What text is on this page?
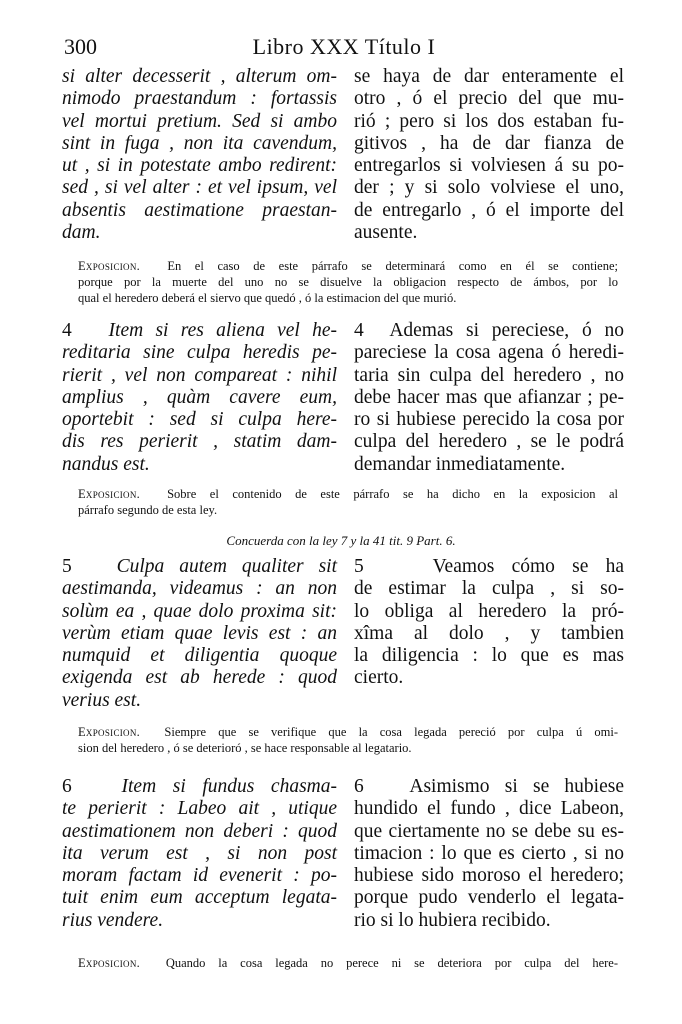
300	Libro XXX Título I
si alter decesserit , alterum om-
nimodo praestandum : fortassis
vel mortui pretium. Sed si ambo
sint in fuga , non ita cavendum,
ut , si in potestate ambo redirent:
sed , si vel alter : et vel ipsum, vel
absentis aestimatione praestan-
dam.
se haya de dar enteramente el
otro , ó el precio del que mu-
rió ; pero si los dos estaban fu-
gitivos , ha de dar fianza de
entregarlos si volviesen á su po-
der ; y si solo volviese el uno,
de entregarlo , ó el importe del
ausente.
Exposicion. En el caso de este párrafo se determinará como en él se contiene;
porque por la muerte del uno no se disuelve la obligacion respecto de ámbos, por lo
qual el heredero deberá el siervo que quedó , ó la estimacion del que murió.
4 Item si res aliena vel he-
reditaria sine culpa heredis pe-
rierit , vel non compareat : nihil
amplius , quàm cavere eum,
oportebit : sed si culpa here-
dis res perierit , statim dam-
nandus est.
4 Ademas si pereciese, ó no
pareciese la cosa agena ó heredi-
taria sin culpa del heredero , no
debe hacer mas que afianzar ; pe-
ro si hubiese perecido la cosa por
culpa del heredero , se le podrá
demandar inmediatamente.
Exposicion. Sobre el contenido de este párrafo se ha dicho en la exposicion al
párrafo segundo de esta ley.
Concuerda con la ley 7 y la 41 tit. 9 Part. 6.
5 Culpa autem qualiter sit
aestimanda, videamus : an non
solùm ea , quae dolo proxima sit:
verùm etiam quae levis est : an
numquid et diligentia quoque
exigenda est ab herede : quod
verius est.
5	Veamos cómo se ha
de estimar la culpa , si so-
lo obliga al heredero la pró-
xîma al dolo , y tambien
la diligencia : lo que es mas
cierto.
Exposicion. Siempre que se verifique que la cosa legada pereció por culpa ú omi-
sion del heredero , ó se deterioró , se hace responsable al legatario.
6	Item si fundus chasma-
te perierit : Labeo ait , utique
aestimationem non deberi : quod
ita verum est , si non post
moram factam id evenerit : po-
tuit enim eum acceptum legata-
rius vendere.
6 Asimismo si se hubiese
hundido el fundo , dice Labeon,
que ciertamente no se debe su es-
timacion : lo que es cierto , si no
hubiese sido moroso el heredero;
porque pudo venderlo el legata-
rio si lo hubiera recibido.
Exposicion. Quando la cosa legada no perece ni se deteriora por culpa del here-
